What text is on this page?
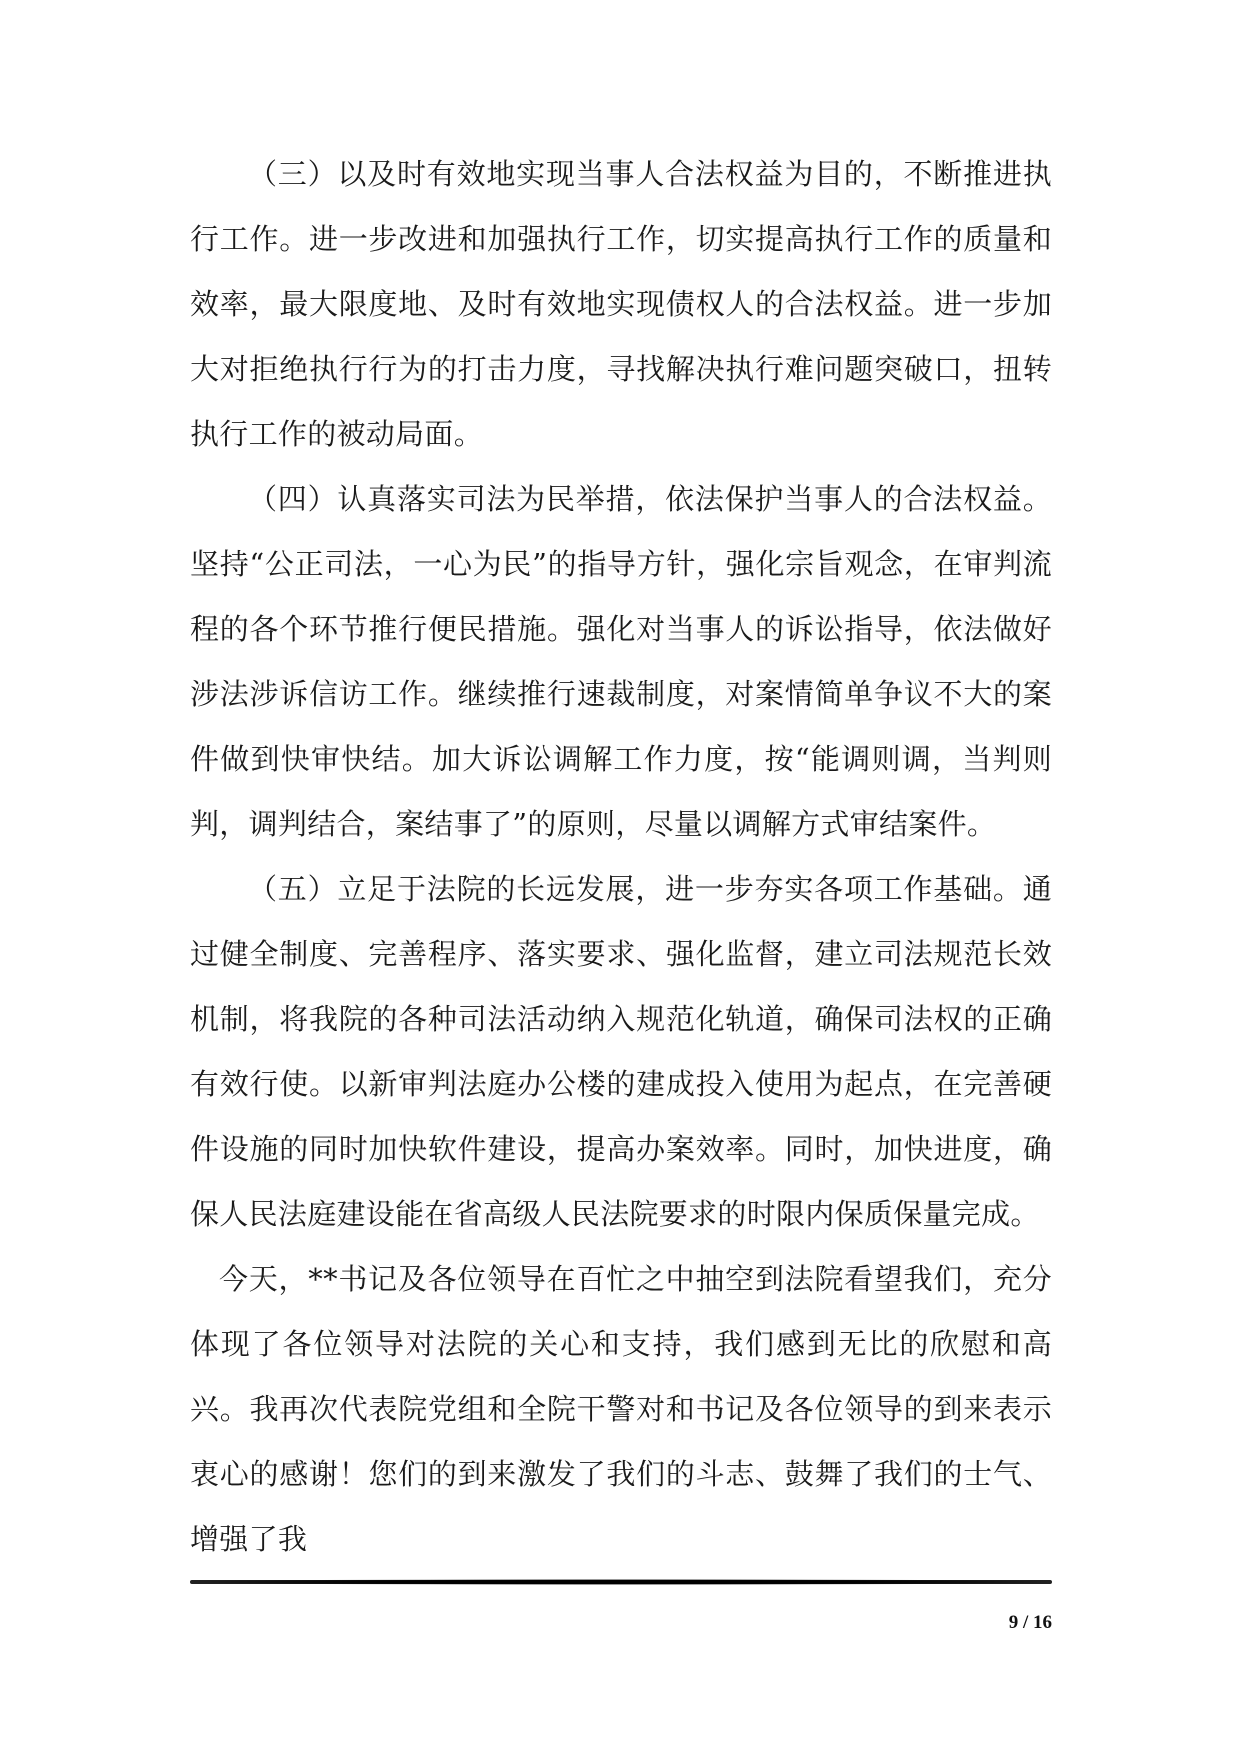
（三）以及时有效地实现当事人合法权益为目的，不断推进执行工作。进一步改进和加强执行工作，切实提高执行工作的质量和效率，最大限度地、及时有效地实现债权人的合法权益。进一步加大对拒绝执行行为的打击力度，寻找解决执行难问题突破口，扭转执行工作的被动局面。

（四）认真落实司法为民举措，依法保护当事人的合法权益。坚持“公正司法，一心为民”的指导方针，强化宗旨观念，在审判流程的各个环节推行便民措施。强化对当事人的诉讼指导，依法做好涉法涉诉信访工作。继续推行速裁制度，对案情简单争议不大的案件做到快审快结。加大诉讼调解工作力度，按“能调则调，当判则判，调判结合，案结事了”的原则，尽量以调解方式审结案件。

（五）立足于法院的长远发展，进一步夯实各项工作基础。通过健全制度、完善程序、落实要求、强化监督，建立司法规范长效机制，将我院的各种司法活动纳入规范化轨道，确保司法权的正确有效行使。以新审判法庭办公楼的建成投入使用为起点，在完善硬件设施的同时加快软件建设，提高办案效率。同时，加快进度，确保人民法庭建设能在省高级人民法院要求的时限内保质保量完成。

今天，**书记及各位领导在百忙之中抽空到法院看望我们，充分体现了各位领导对法院的关心和支持，我们感到无比的欣慰和高兴。我再次代表院党组和全院干警对和书记及各位领导的到来表示衷心的感谢！您们的到来激发了我们的斗志、鼓舞了我们的士气、增强了我

9 / 16
